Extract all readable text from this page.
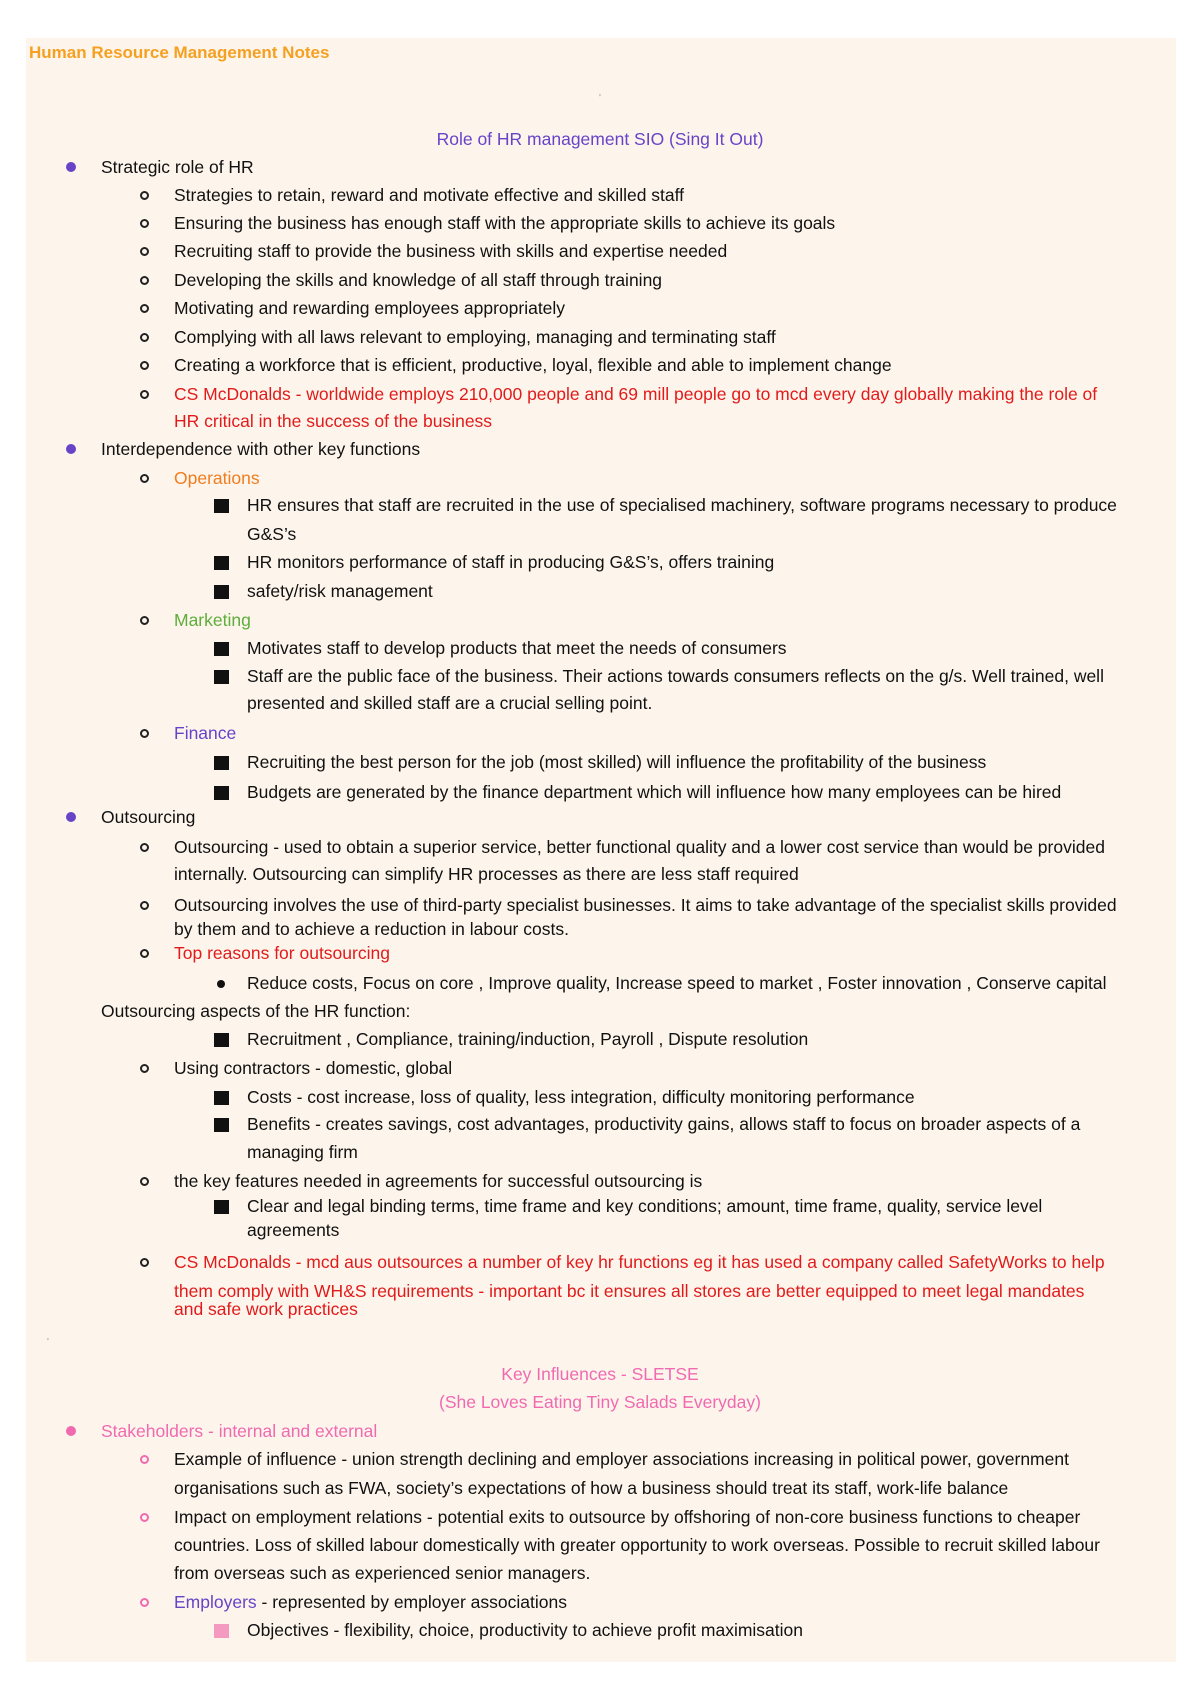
Human Resource Management Notes
'
Role of HR management SIO (Sing It Out)
Strategic role of HR
Strategies to retain, reward and motivate effective and skilled staff
Ensuring the business has enough staff with the appropriate skills to achieve its goals
Recruiting staff to provide the business with skills and expertise needed
Developing the skills and knowledge of all staff through training
Motivating and rewarding employees appropriately
Complying with all laws relevant to employing, managing and terminating staff
Creating a workforce that is efficient, productive, loyal, flexible and able to implement change
CS McDonalds - worldwide employs 210,000 people and 69 mill people go to mcd every day globally making the role of
HR critical in the success of the business
Interdependence with other key functions
Operations
HR ensures that staff are recruited in the use of specialised machinery, software programs necessary to produce
G&S’s
HR monitors performance of staff in producing G&S’s, offers training
safety/risk management
Marketing
Motivates staff to develop products that meet the needs of consumers
Staff are the public face of the business. Their actions towards consumers reflects on the g/s. Well trained, well
presented and skilled staff are a crucial selling point.
Finance
Recruiting the best person for the job (most skilled) will influence the profitability of the business
Budgets are generated by the finance department which will influence how many employees can be hired
Outsourcing
Outsourcing - used to obtain a superior service, better functional quality and a lower cost service than would be provided
internally. Outsourcing can simplify HR processes as there are less staff required
Outsourcing involves the use of third-party specialist businesses. It aims to take advantage of the specialist skills provided
by them and to achieve a reduction in labour costs.
Top reasons for outsourcing
Reduce costs, Focus on core , Improve quality, Increase speed to market , Foster innovation , Conserve capital
Outsourcing aspects of the HR function:
Recruitment , Compliance, training/induction, Payroll , Dispute resolution
Using contractors - domestic, global
Costs - cost increase, loss of quality, less integration, difficulty monitoring performance
Benefits - creates savings, cost advantages, productivity gains, allows staff to focus on broader aspects of a
managing firm
the key features needed in agreements for successful outsourcing is
Clear and legal binding terms, time frame and key conditions; amount, time frame, quality, service level
agreements
CS McDonalds - mcd aus outsources a number of key hr functions eg it has used a company called SafetyWorks to help
them comply with WH&S requirements - important bc it ensures all stores are better equipped to meet legal mandates
and safe work practices
'
Key Influences - SLETSE
(She Loves Eating Tiny Salads Everyday)
Stakeholders - internal and external
Example of influence - union strength declining and employer associations increasing in political power, government
organisations such as FWA, society’s expectations of how a business should treat its staff, work-life balance
Impact on employment relations - potential exits to outsource by offshoring of non-core business functions to cheaper
countries. Loss of skilled labour domestically with greater opportunity to work overseas. Possible to recruit skilled labour
from overseas such as experienced senior managers.
Employers - represented by employer associations
Objectives - flexibility, choice, productivity to achieve profit maximisation
